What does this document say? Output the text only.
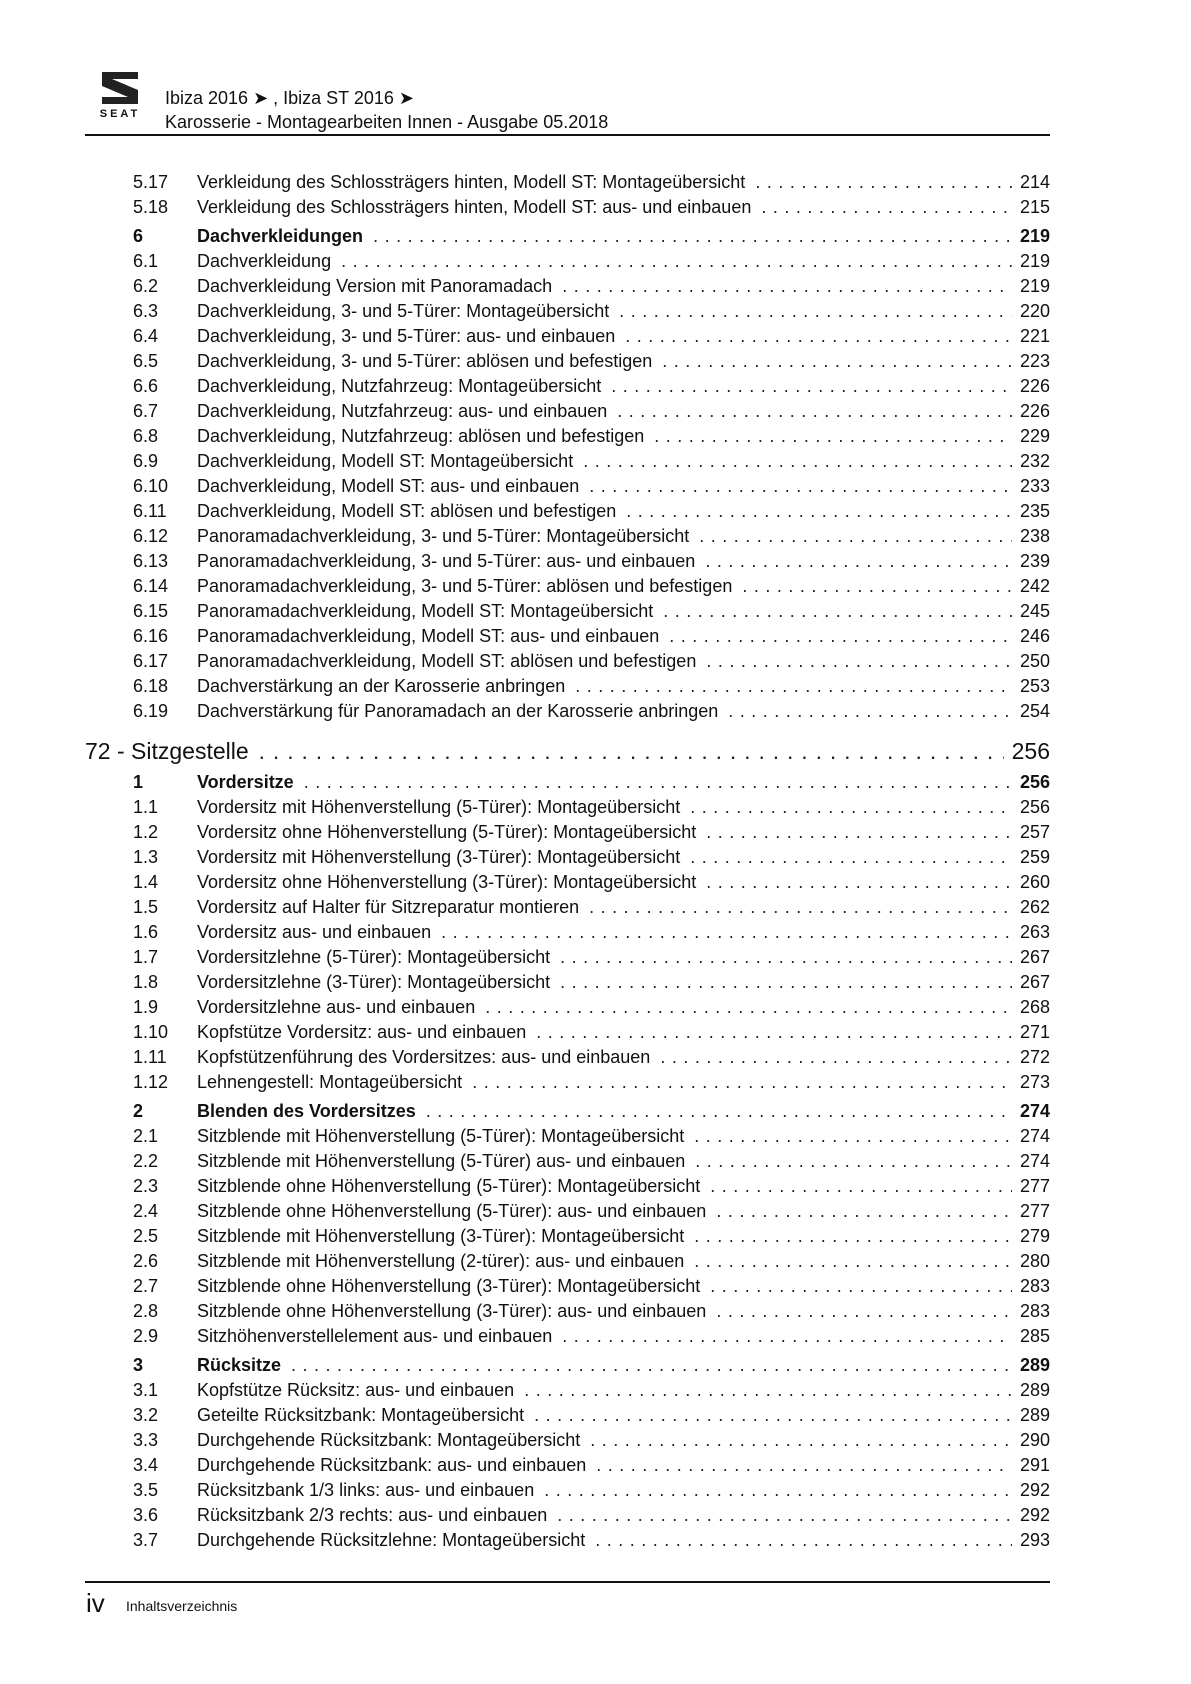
SEAT
Ibiza 2016 ➤ , Ibiza ST 2016 ➤
Karosserie - Montagearbeiten Innen - Ausgabe 05.2018
5.17	Verkleidung des Schlossträgers hinten, Modell ST: Montageübersicht . . .	214
5.18	Verkleidung des Schlossträgers hinten, Modell ST: aus- und einbauen . . .	215
6	Dachverkleidungen . . .	219
6.1	Dachverkleidung . . .	219
6.2	Dachverkleidung Version mit Panoramadach . . .	219
6.3	Dachverkleidung, 3- und 5-Türer: Montageübersicht . . .	220
6.4	Dachverkleidung, 3- und 5-Türer: aus- und einbauen . . .	221
6.5	Dachverkleidung, 3- und 5-Türer: ablösen und befestigen . . .	223
6.6	Dachverkleidung, Nutzfahrzeug: Montageübersicht . . .	226
6.7	Dachverkleidung, Nutzfahrzeug: aus- und einbauen . . .	226
6.8	Dachverkleidung, Nutzfahrzeug: ablösen und befestigen . . .	229
6.9	Dachverkleidung, Modell ST: Montageübersicht . . .	232
6.10	Dachverkleidung, Modell ST: aus- und einbauen . . .	233
6.11	Dachverkleidung, Modell ST: ablösen und befestigen . . .	235
6.12	Panoramadachverkleidung, 3- und 5-Türer: Montageübersicht . . .	238
6.13	Panoramadachverkleidung, 3- und 5-Türer: aus- und einbauen . . .	239
6.14	Panoramadachverkleidung, 3- und 5-Türer: ablösen und befestigen . . .	242
6.15	Panoramadachverkleidung, Modell ST: Montageübersicht . . .	245
6.16	Panoramadachverkleidung, Modell ST: aus- und einbauen . . .	246
6.17	Panoramadachverkleidung, Modell ST: ablösen und befestigen . . .	250
6.18	Dachverstärkung an der Karosserie anbringen . . .	253
6.19	Dachverstärkung für Panoramadach an der Karosserie anbringen . . .	254
72 - Sitzgestelle . . .	256
1	Vordersitze . . .	256
1.1	Vordersitz mit Höhenverstellung (5-Türer): Montageübersicht . . .	256
1.2	Vordersitz ohne Höhenverstellung (5-Türer): Montageübersicht . . .	257
1.3	Vordersitz mit Höhenverstellung (3-Türer): Montageübersicht . . .	259
1.4	Vordersitz ohne Höhenverstellung (3-Türer): Montageübersicht . . .	260
1.5	Vordersitz auf Halter für Sitzreparatur montieren . . .	262
1.6	Vordersitz aus- und einbauen . . .	263
1.7	Vordersitzlehne (5-Türer): Montageübersicht . . .	267
1.8	Vordersitzlehne (3-Türer): Montageübersicht . . .	267
1.9	Vordersitzlehne aus- und einbauen . . .	268
1.10	Kopfstütze Vordersitz: aus- und einbauen . . .	271
1.11	Kopfstützenführung des Vordersitzes: aus- und einbauen . . .	272
1.12	Lehnengestell: Montageübersicht . . .	273
2	Blenden des Vordersitzes . . .	274
2.1	Sitzblende mit Höhenverstellung (5-Türer): Montageübersicht . . .	274
2.2	Sitzblende mit Höhenverstellung (5-Türer) aus- und einbauen . . .	274
2.3	Sitzblende ohne Höhenverstellung (5-Türer): Montageübersicht . . .	277
2.4	Sitzblende ohne Höhenverstellung (5-Türer): aus- und einbauen . . .	277
2.5	Sitzblende mit Höhenverstellung (3-Türer): Montageübersicht . . .	279
2.6	Sitzblende mit Höhenverstellung (2-türer): aus- und einbauen . . .	280
2.7	Sitzblende ohne Höhenverstellung (3-Türer): Montageübersicht . . .	283
2.8	Sitzblende ohne Höhenverstellung (3-Türer): aus- und einbauen . . .	283
2.9	Sitzhöhenverstellelement aus- und einbauen . . .	285
3	Rücksitze . . .	289
3.1	Kopfstütze Rücksitz: aus- und einbauen . . .	289
3.2	Geteilte Rücksitzbank: Montageübersicht . . .	289
3.3	Durchgehende Rücksitzbank: Montageübersicht . . .	290
3.4	Durchgehende Rücksitzbank: aus- und einbauen . . .	291
3.5	Rücksitzbank 1/3 links: aus- und einbauen . . .	292
3.6	Rücksitzbank 2/3 rechts: aus- und einbauen . . .	292
3.7	Durchgehende Rücksitzlehne: Montageübersicht . . .	293
iv Inhaltsverzeichnis
